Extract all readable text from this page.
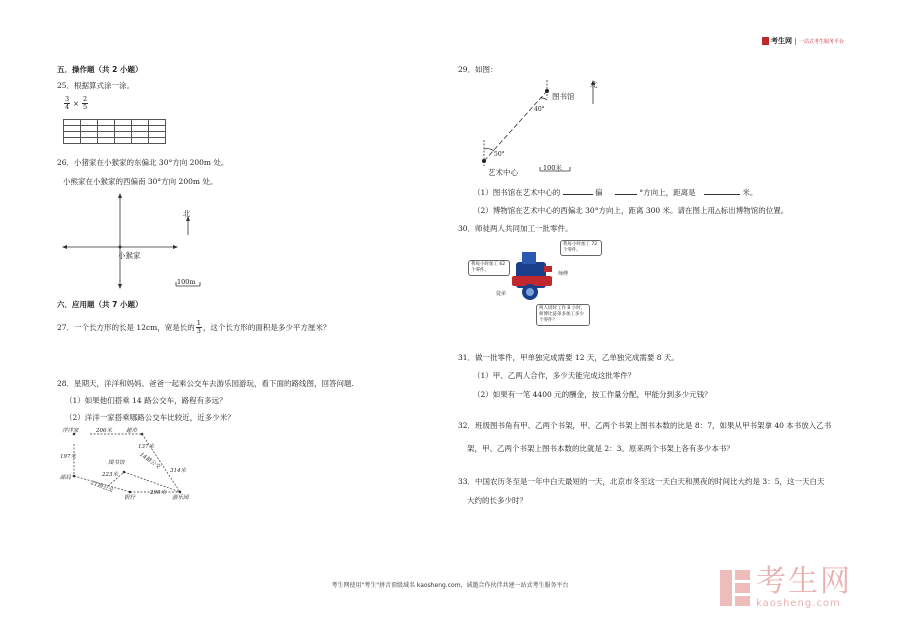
考生网 一站式考生服务平台
五．操作题（共 2 小题）
25．根据算式涂一涂。
$\frac{3}{4} \times \frac{2}{5}$

26．小猪家在小猴家的东偏北 30°方向 200m 处。
小熊家在小猴家的西偏南 30°方向 200m 处。
北
小猴家
100m
六．应用题（共 7 小题）
27．一个长方形的长是 12cm，宽是长的 $\frac{1}{3}$ ，这个长方形的面积是多少平方厘米？
28．星期天，洋洋和妈妈、爸爸一起乘公交车去游乐园游玩，看下面的路线图，回答问题.
（1）如果他们搭乘 14 路公交车，路程有多远？
（2）洋洋一家搭乘哪路公交车比较近，近多少米？
洋洋家	超市
图书馆
邮局
21路公交
14路公交
银行	游乐园
206米
137米
197米
223米
314米
290米
29．如图：
北
图书馆
40°
50°
艺术中心	100米
（1）图书馆在艺术中心的	偏	°方向上，距离是	米。
（2）博物馆在艺术中心的西偏北 30°方向上，距离 300 米。请在图上用△标出博物馆的位置。
30．师徒两人共同加工一批零件。
我每小时加工 72 个零件。
我每小时加工 62 个零件。
师傅
徒弟
两人同时工作 8 小时，师傅比徒弟多加工多少个零件？
31．做一批零件，甲单独完成需要 12 天，乙单独完成需要 8 天。
（1）甲、乙两人合作，多少天能完成这批零件？
（2）如果有一笔 4400 元的酬金，按工作量分配，甲能分到多少元钱？
32．班级图书角有甲、乙两个书架，甲、乙两个书架上图书本数的比是 8：7，如果从甲书架拿 40 本书放入乙书
架，甲、乙两个书架上图书本数的比就是 2：3。原来两个书架上各有多少本书？
33．中国农历冬至是一年中白天最短的一天，北京市冬至这一天白天和黑夜的时间比大约是 3：5，这一天白天
大约的长多少时？
考生网使用"考生"拼音顶级域名 kaosheng.com，诚邀合作伙伴共建一站式考生服务平台	考生网
kaosheng.com
